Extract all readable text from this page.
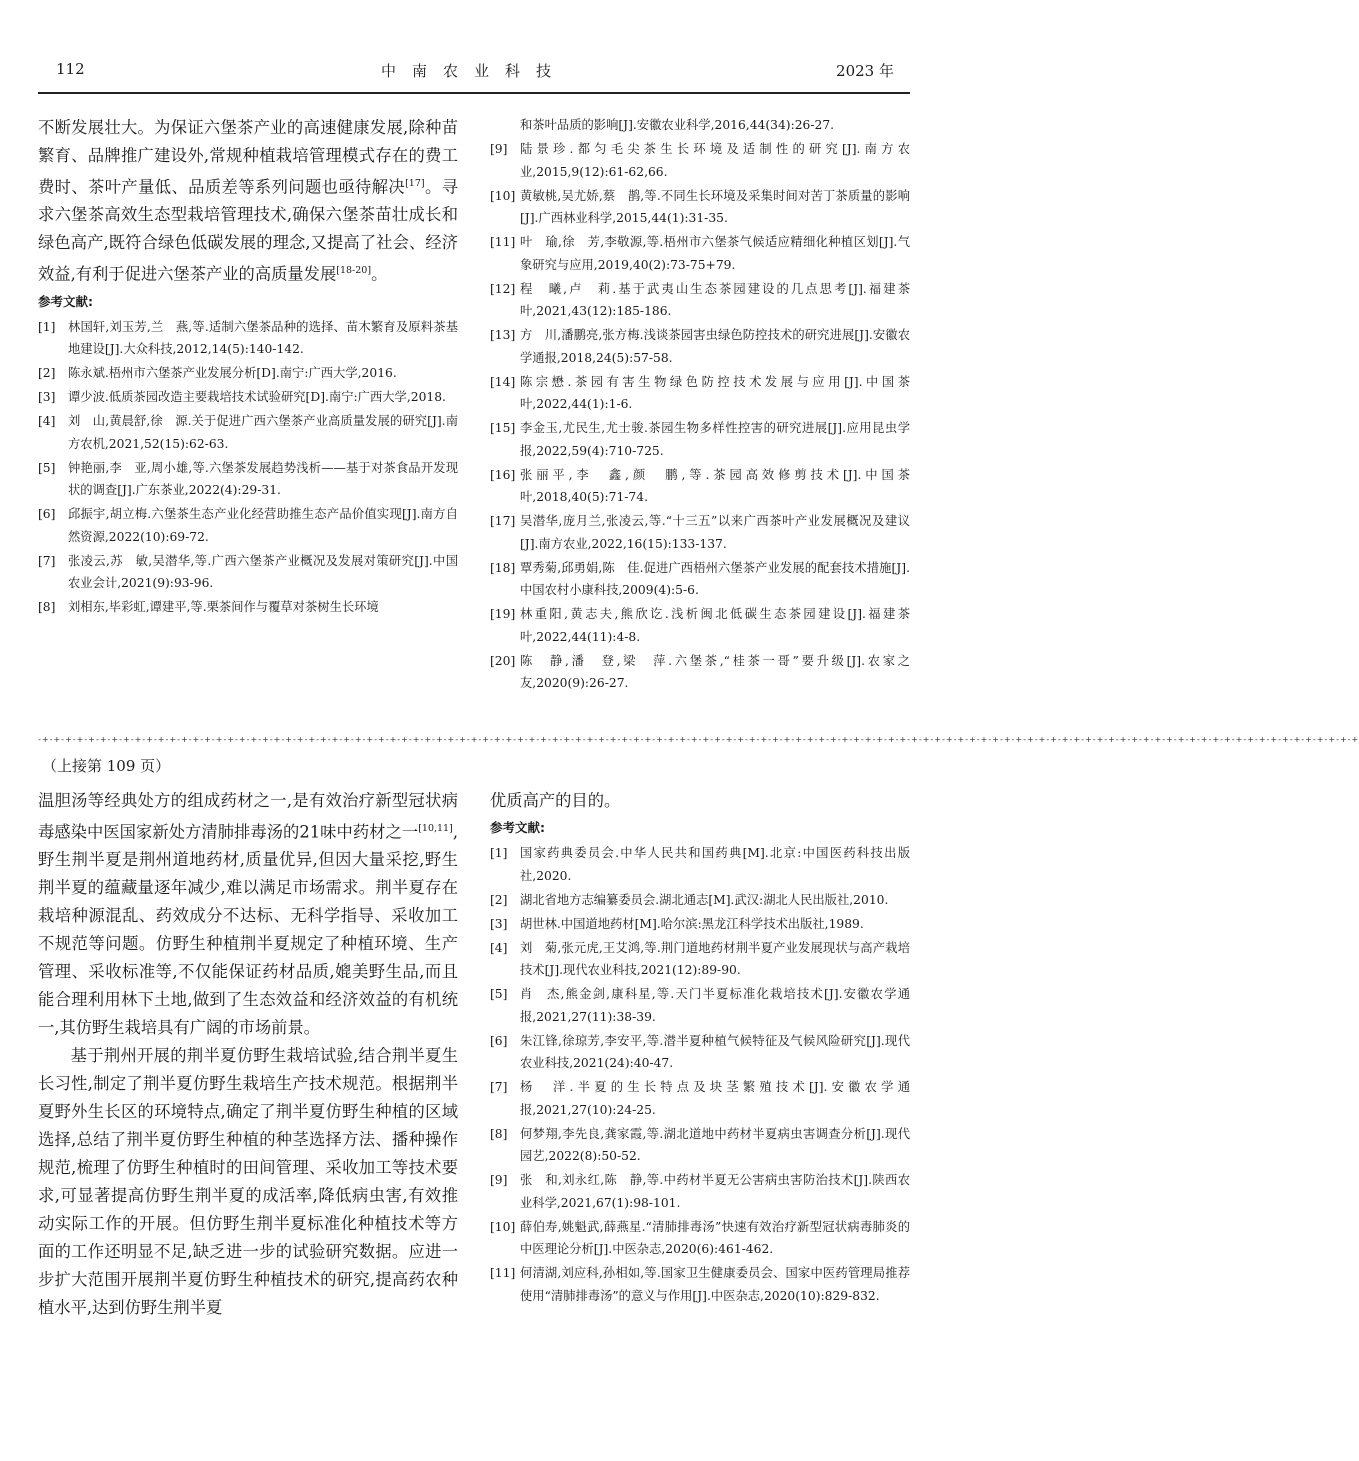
112	中南农业科技	2023 年

不断发展壮大。为保证六堡茶产业的高速健康发展,除种苗繁育、品牌推广建设外,常规种植栽培管理模式存在的费工费时、茶叶产量低、品质差等系列问题也亟待解决[17]。寻求六堡茶高效生态型栽培管理技术,确保六堡茶苗壮成长和绿色高产,既符合绿色低碳发展的理念,又提高了社会、经济效益,有利于促进六堡茶产业的高质量发展[18-20]。

参考文献:
[1] 林国轩,刘玉芳,兰　燕,等.适制六堡茶品种的选择、苗木繁育及原料茶基地建设[J].大众科技,2012,14(5):140-142.
[2] 陈永斌.梧州市六堡茶产业发展分析[D].南宁:广西大学,2016.
[3] 谭少波.低质茶园改造主要栽培技术试验研究[D].南宁:广西大学,2018.
[4] 刘　山,黄晨舒,徐　源.关于促进广西六堡茶产业高质量发展的研究[J].南方农机,2021,52(15):62-63.
[5] 钟艳丽,李　亚,周小雄,等.六堡茶发展趋势浅析——基于对茶食品开发现状的调查[J].广东茶业,2022(4):29-31.
[6] 邱振宇,胡立梅.六堡茶生态产业化经营助推生态产品价值实现[J].南方自然资源,2022(10):69-72.
[7] 张凌云,苏　敏,吴潜华,等.广西六堡茶产业概况及发展对策研究[J].中国农业会计,2021(9):93-96.
[8] 刘相东,毕彩虹,谭建平,等.栗茶间作与覆草对茶树生长环境
和茶叶品质的影响[J].安徽农业科学,2016,44(34):26-27.
[9] 陆景珍.都匀毛尖茶生长环境及适制性的研究[J].南方农业,2015,9(12):61-62,66.
[10] 黄敏桃,吴尤娇,蔡　鹊,等.不同生长环境及采集时间对苦丁茶质量的影响[J].广西林业科学,2015,44(1):31-35.
[11] 叶　瑜,徐　芳,李敬源,等.梧州市六堡茶气候适应精细化种植区划[J].气象研究与应用,2019,40(2):73-75+79.
[12] 程　曦,卢　莉.基于武夷山生态茶园建设的几点思考[J].福建茶叶,2021,43(12):185-186.
[13] 方　川,潘鹏亮,张方梅.浅谈茶园害虫绿色防控技术的研究进展[J].安徽农学通报,2018,24(5):57-58.
[14] 陈宗懋.茶园有害生物绿色防控技术发展与应用[J].中国茶叶,2022,44(1):1-6.
[15] 李金玉,尤民生,尤士骏.茶园生物多样性控害的研究进展[J].应用昆虫学报,2022,59(4):710-725.
[16] 张丽平,李　鑫,颜　鹏,等.茶园高效修剪技术[J].中国茶叶,2018,40(5):71-74.
[17] 吴潜华,庞月兰,张凌云,等.“十三五”以来广西茶叶产业发展概况及建议[J].南方农业,2022,16(15):133-137.
[18] 覃秀菊,邱勇娟,陈　佳.促进广西梧州六堡茶产业发展的配套技术措施[J].中国农村小康科技,2009(4):5-6.
[19] 林重阳,黄志夫,熊欣讫.浅析闽北低碳生态茶园建设[J].福建茶叶,2022,44(11):4-8.
[20] 陈　静,潘　登,梁　萍.六堡茶,“桂茶一哥”要升级[J].农家之友,2020(9):26-27.
-+-+-+-+-+-+-+-+-+-+-+-+-+-+-+-+-+-+-+-+-+-+-+-+-+-+-+-+-+-+-+-+-+-+-+-+-+-+-+-+-+-+-+-+-+-+-+-+-+-+-+-+-+-+-+-+-+-+-+-+-+-+-+-+-+-+-+-+-+-+-+-+-+-+-+-+-+-+-+-+-+-+-+-+-+-+-+-+-+-+-+-+-+-+-+-+-+-+-+-+-+-+-+-+-+-+-+-+-+-+-+-+-+-+
（上接第 109 页）

温胆汤等经典处方的组成药材之一,是有效治疗新型冠状病毒感染中医国家新处方清肺排毒汤的21味中药材之一[10,11],野生荆半夏是荆州道地药材,质量优异,但因大量采挖,野生荆半夏的蕴藏量逐年减少,难以满足市场需求。荆半夏存在栽培种源混乱、药效成分不达标、无科学指导、采收加工不规范等问题。仿野生种植荆半夏规定了种植环境、生产管理、采收标准等,不仅能保证药材品质,媲美野生品,而且能合理利用林下土地,做到了生态效益和经济效益的有机统一,其仿野生栽培具有广阔的市场前景。

基于荆州开展的荆半夏仿野生栽培试验,结合荆半夏生长习性,制定了荆半夏仿野生栽培生产技术规范。根据荆半夏野外生长区的环境特点,确定了荆半夏仿野生种植的区域选择,总结了荆半夏仿野生种植的种茎选择方法、播种操作规范,梳理了仿野生种植时的田间管理、采收加工等技术要求,可显著提高仿野生荆半夏的成活率,降低病虫害,有效推动实际工作的开展。但仿野生荆半夏标准化种植技术等方面的工作还明显不足,缺乏进一步的试验研究数据。应进一步扩大范围开展荆半夏仿野生种植技术的研究,提高药农种植水平,达到仿野生荆半夏

优质高产的目的。

参考文献:
[1] 国家药典委员会.中华人民共和国药典[M].北京:中国医药科技出版社,2020.
[2] 湖北省地方志编纂委员会.湖北通志[M].武汉:湖北人民出版社,2010.
[3] 胡世林.中国道地药材[M].哈尔滨:黑龙江科学技术出版社,1989.
[4] 刘　菊,张元虎,王艾鸿,等.荆门道地药材荆半夏产业发展现状与高产栽培技术[J].现代农业科技,2021(12):89-90.
[5] 肖　杰,熊金剑,康科星,等.天门半夏标准化栽培技术[J].安徽农学通报,2021,27(11):38-39.
[6] 朱江锋,徐琼芳,李安平,等.潜半夏种植气候特征及气候风险研究[J].现代农业科技,2021(24):40-47.
[7] 杨　洋.半夏的生长特点及块茎繁殖技术[J].安徽农学通报,2021,27(10):24-25.
[8] 何梦翔,李先良,龚家霞,等.湖北道地中药材半夏病虫害调查分析[J].现代园艺,2022(8):50-52.
[9] 张　和,刘永红,陈　静,等.中药材半夏无公害病虫害防治技术[J].陕西农业科学,2021,67(1):98-101.
[10] 薛伯寿,姚魁武,薛燕星.“清肺排毒汤”快速有效治疗新型冠状病毒肺炎的中医理论分析[J].中医杂志,2020(6):461-462.
[11] 何清湖,刘应科,孙相如,等.国家卫生健康委员会、国家中医药管理局推荐使用“清肺排毒汤”的意义与作用[J].中医杂志,2020(10):829-832.
